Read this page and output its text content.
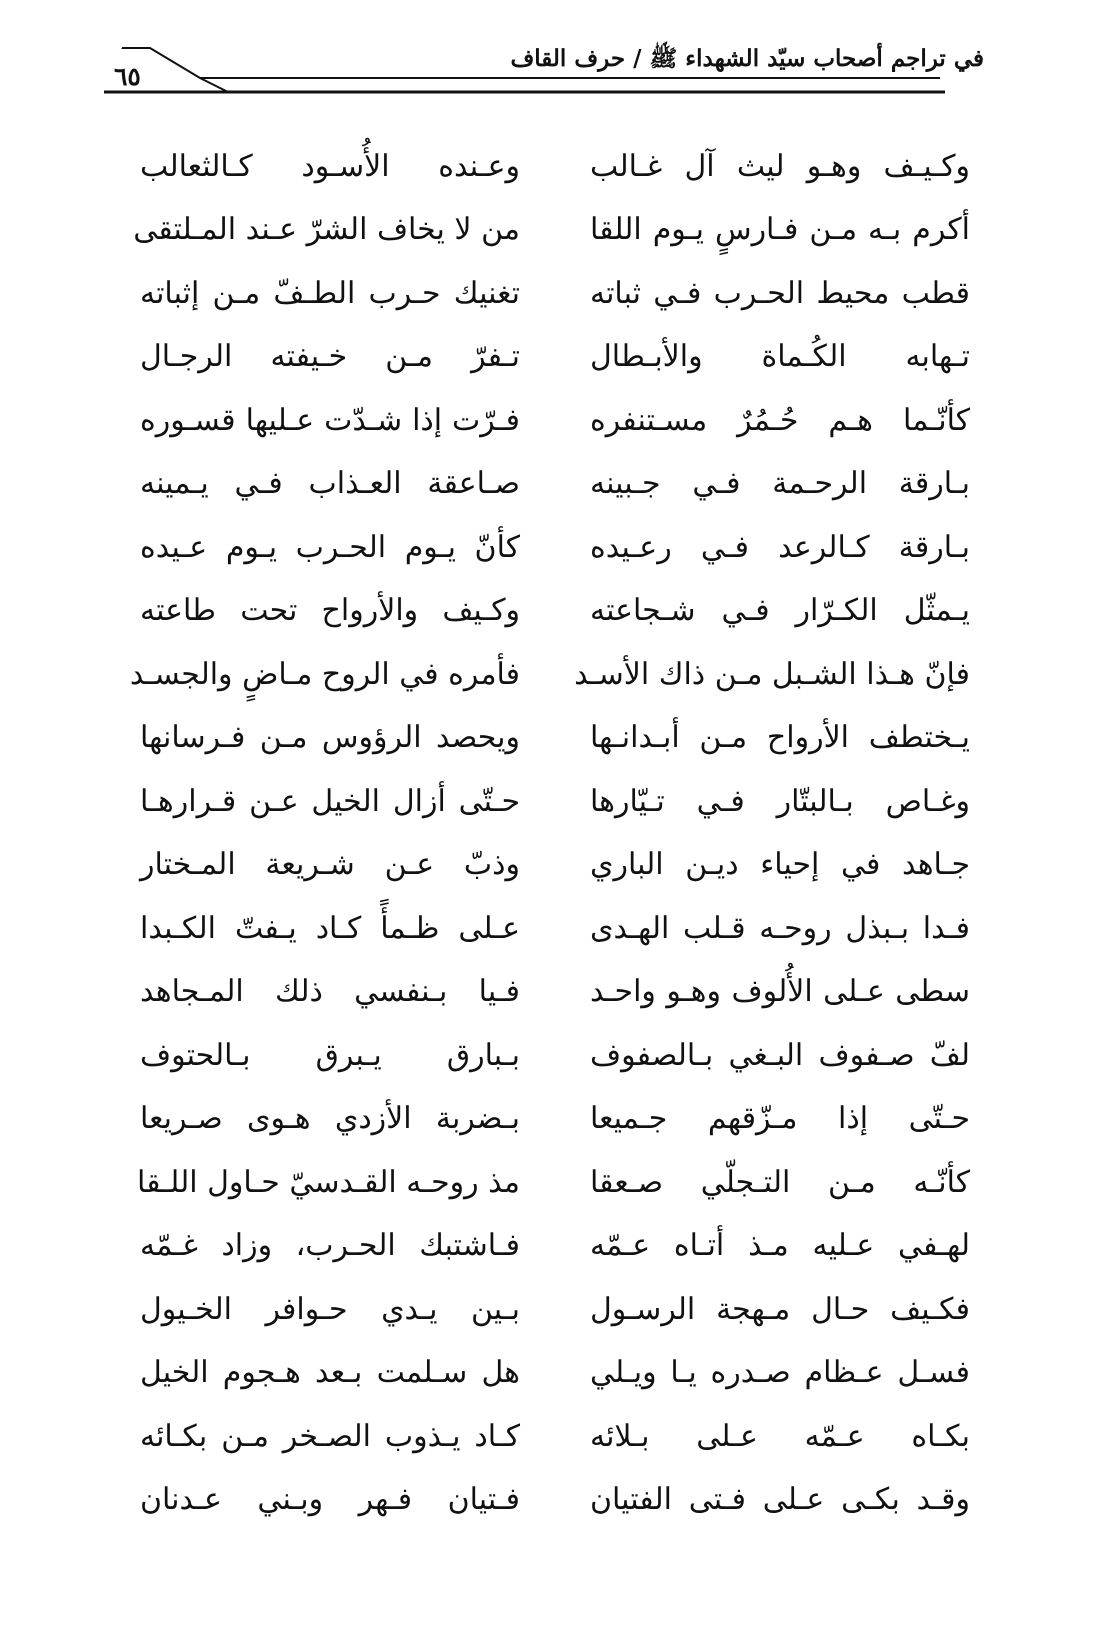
في تراجم أصحاب سيّد الشهداء ﷺ / حرف القاف
٦٥
وكـيـف وهـو ليث آل غـالب
وعـنده الأُسـود كـالثعالب
أكرم بـه مـن فـارسٍ يـوم اللقا
من لا يخاف الشرّ عـند المـلتقى
قطب محيط الحـرب فـي ثباته
تغنيك حـرب الطـفّ مـن إثباته
تـهابه الكُـماة والأبـطال
تـفرّ مـن خـيفته الرجـال
كأنّـما هـم حُـمُرٌ مسـتنفره
فـرّت إذا شـدّت عـليها قسـوره
بـارقة الرحـمة فـي جـبينه
صـاعقة العـذاب فـي يـمينه
بـارقة كـالرعد فـي رعـيده
كأنّ يـوم الحـرب يـوم عـيده
يـمثّل الكـرّار فـي شـجاعته
وكـيف والأرواح تحت طاعته
فإنّ هـذا الشـبل مـن ذاك الأسـد
فأمره في الروح مـاضٍ والجسـد
يـختطف الأرواح مـن أبـدانـها
ويحصد الرؤوس مـن فـرسانها
وغـاص بـالبتّار فـي تـيّارها
حـتّى أزال الخيل عـن قـرارهـا
جـاهد في إحياء ديـن الباري
وذبّ عـن شـريعة المـختار
فـدا بـبذل روحـه قـلب الهـدى
عـلى ظـمأً كـاد يـفتّ الكـبدا
سطى عـلى الأُلوف وهـو واحـد
فـيا بـنفسي ذلك المـجاهد
لفّ صـفوف البـغي بـالصفوف
بـبارق يـبرق بـالحتوف
حـتّى إذا مـزّقهم جـميعا
بـضربة الأزدي هـوى صـريعا
كأنّـه مـن التـجلّي صـعقا
مذ روحـه القـدسيّ حـاول اللـقا
لهـفي عـليه مـذ أتـاه عـمّه
فـاشتبك الحـرب، وزاد غـمّه
فكـيف حـال مـهجة الرسـول
بـين يـدي حـوافر الخـيول
فسـل عـظام صـدره يـا ويـلي
هل سـلمت بـعد هـجوم الخيل
بكـاه عـمّه عـلى بـلائه
كـاد يـذوب الصـخر مـن بكـائه
وقـد بكـى عـلى فـتى الفتيان
فـتيان فـهر وبـني عـدنان
